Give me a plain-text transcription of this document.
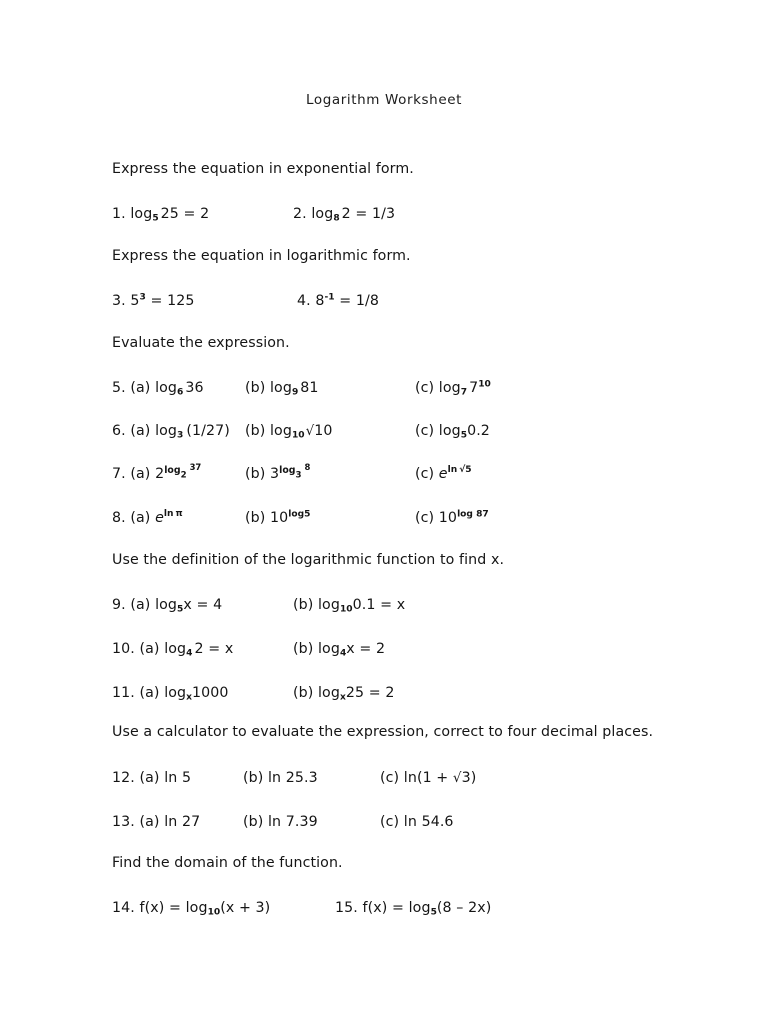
Logarithm Worksheet
Express the equation in exponential form.
1. $\log_5 25 = 2$	2. $\log_8 2 = 1/3$
Express the equation in logarithmic form.
3. $5^3 = 125$	4. $8^{-1} = 1/8$
Evaluate the expression.
5. (a) $\log_6 36$	(b) $\log_9 81$	(c) $\log_7 7^{10}$
6. (a) $\log_3 (1/27)$ (b) $\log_{10}√10$	(c) $\log_50.2$
7. (a) $2^{log_237}$	(b) $3^{log_38}$	(c) $e^{ln √5}$
8. (a) $e^{ln \pi}$	(b) $10^{log5}$	(c) $10^{log 87}$
Use the definition of the logarithmic function to find x.
9. (a) $\log_5x = 4$	(b) $\log_{10}0.1 = x$
10. (a) $\log_4 2 = x$	(b) $\log_4x = 2$
11. (a) $\log_x1000$	(b) $\log_x25 = 2$
Use a calculator to evaluate the expression, correct to four decimal places.
12. (a) ln 5	(b) ln 25.3	(c) ln(1 + √3)
13. (a) ln 27	(b) ln 7.39	(c) ln 54.6
Find the domain of the function.
14. $f(x) = \log_{10}(x + 3)$	15. $f(x) = \log_5(8 - 2x)$
